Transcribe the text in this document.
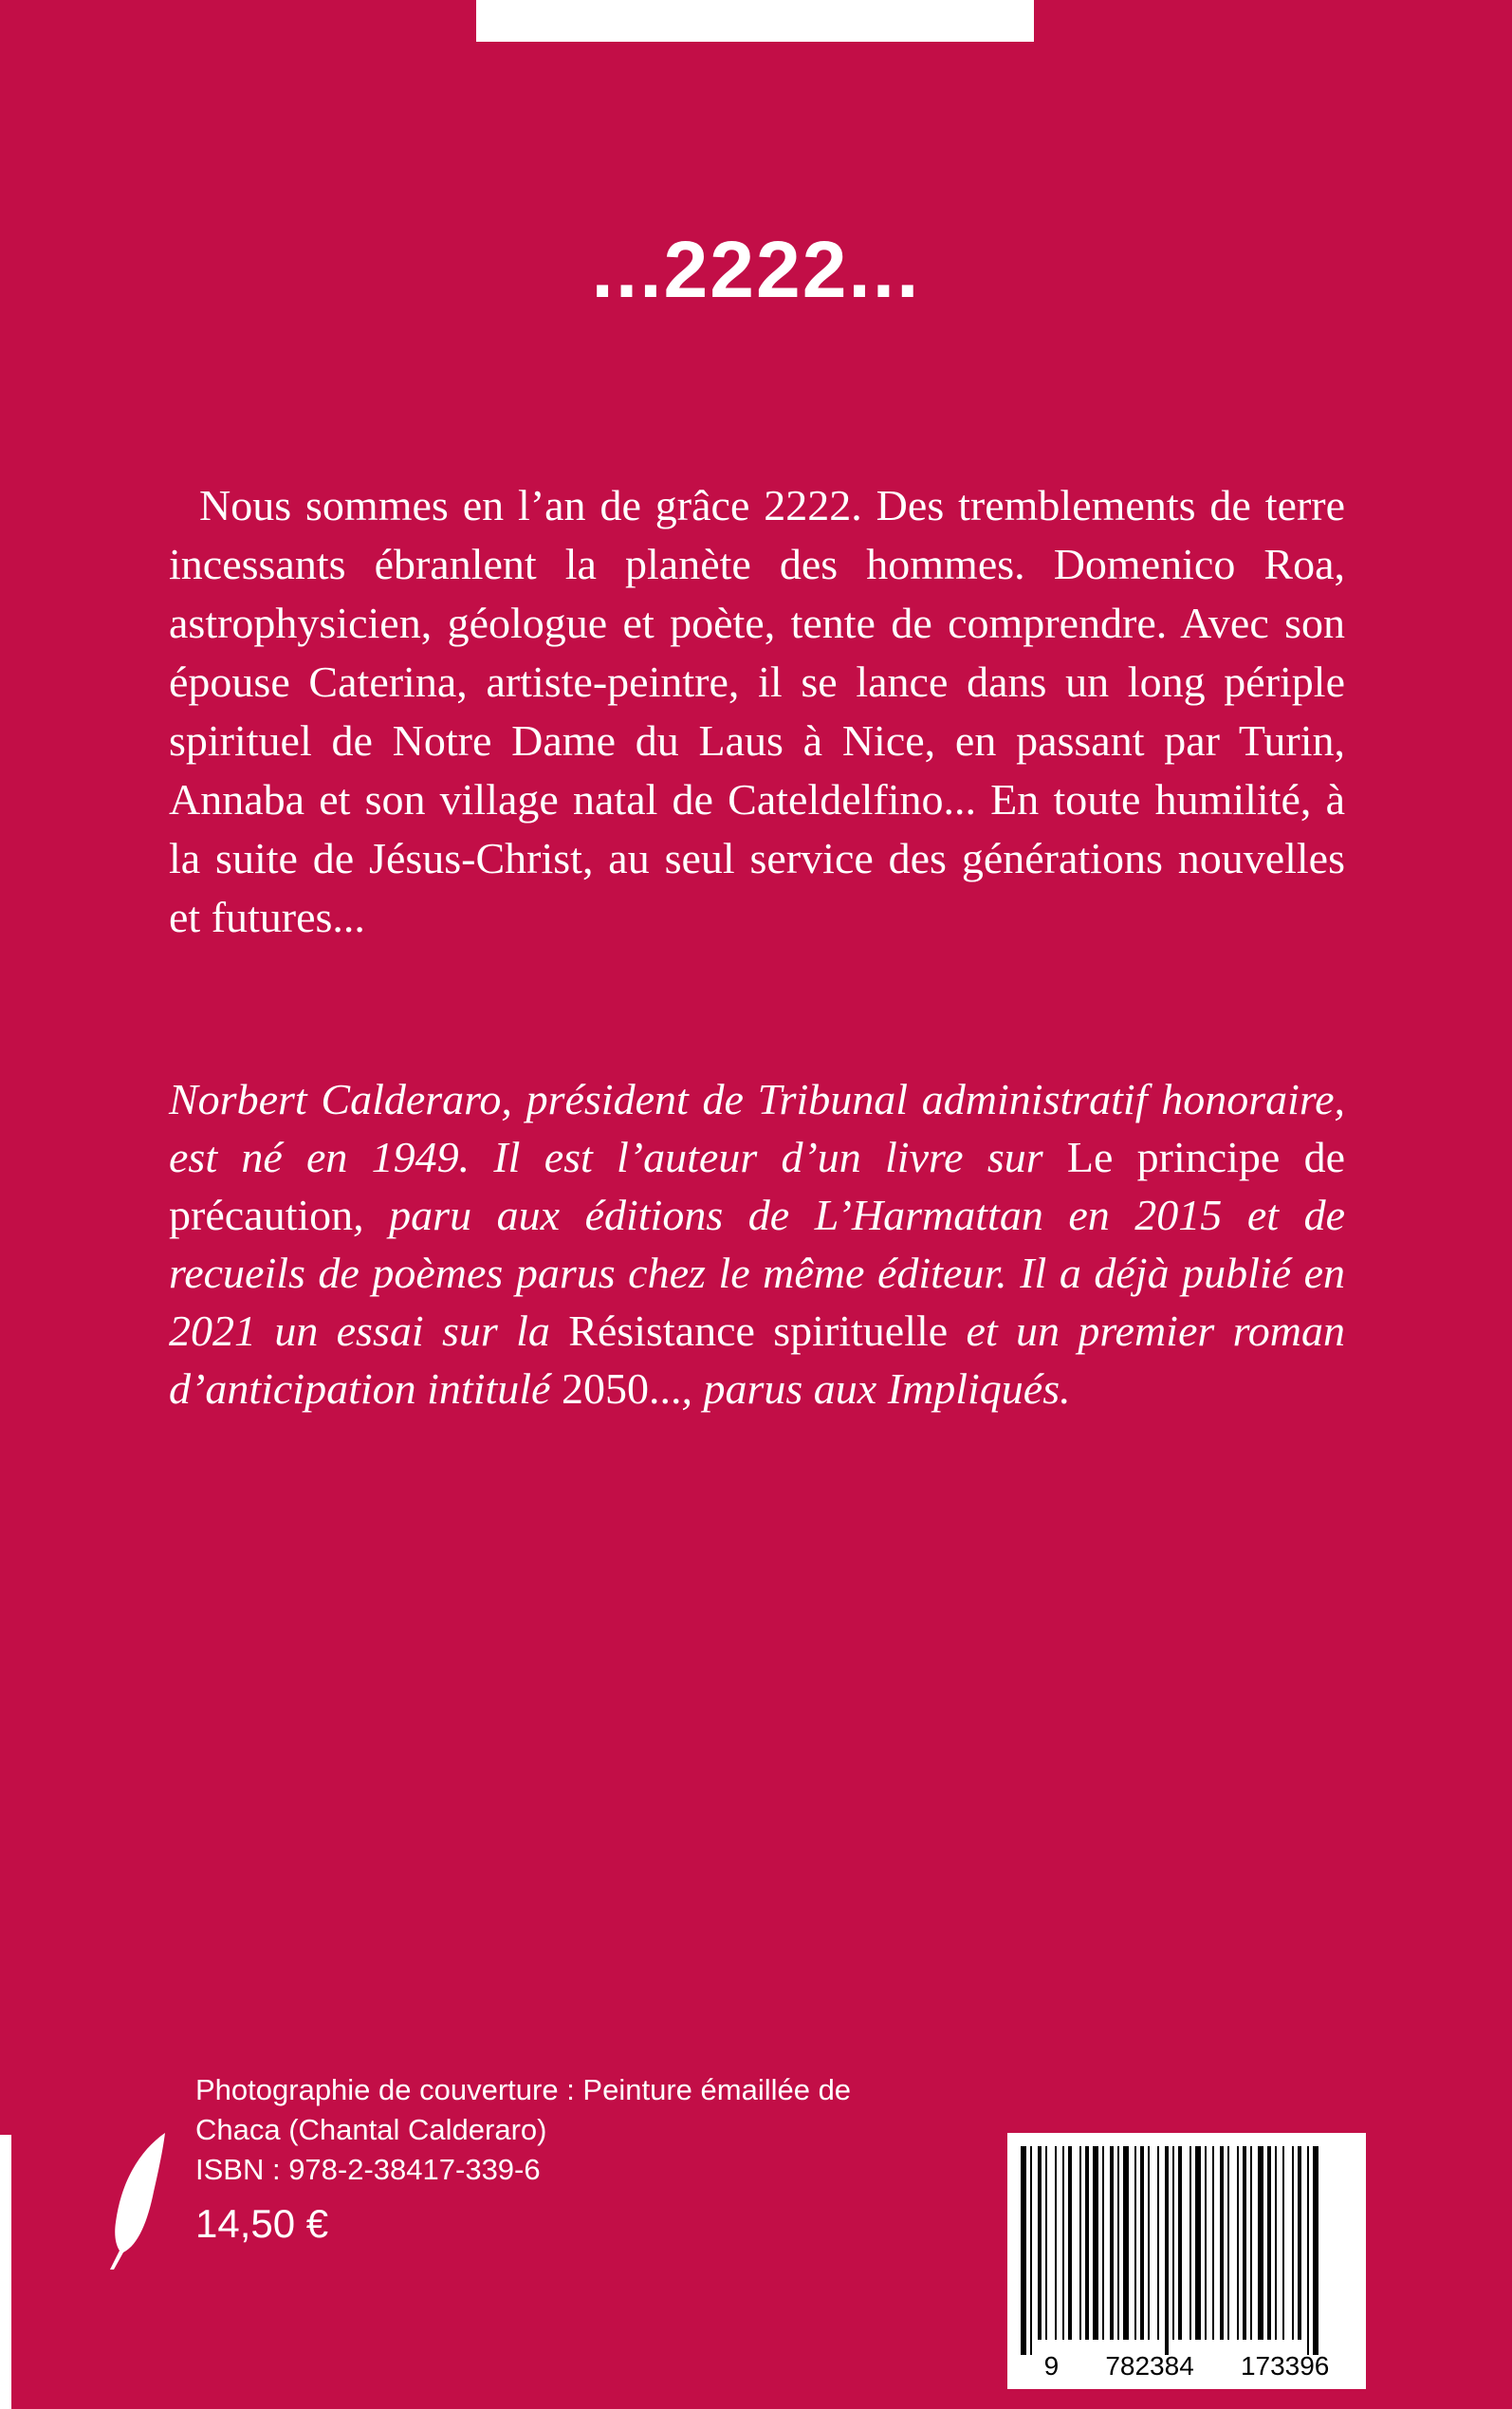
...2222...

Nous sommes en l’an de grâce 2222. Des tremblements de terre incessants ébranlent la planète des hommes. Domenico Roa, astrophysicien, géologue et poète, tente de comprendre. Avec son épouse Caterina, artiste-peintre, il se lance dans un long périple spirituel de Notre Dame du Laus à Nice, en passant par Turin, Annaba et son village natal de Cateldelfino... En toute humilité, à la suite de Jésus-Christ, au seul service des générations nouvelles et futures...

Norbert Calderaro, président de Tribunal administratif honoraire, est né en 1949. Il est l’auteur d’un livre sur Le principe de précaution, paru aux éditions de L’Harmattan en 2015 et de recueils de poèmes parus chez le même éditeur. Il a déjà publié en 2021 un essai sur la Résistance spirituelle et un premier roman d’anticipation intitulé 2050..., parus aux Impliqués.

Photographie de couverture : Peinture émaillée de
Chaca (Chantal Calderaro)
ISBN : 978-2-38417-339-6
14,50 €
9 782384 173396
